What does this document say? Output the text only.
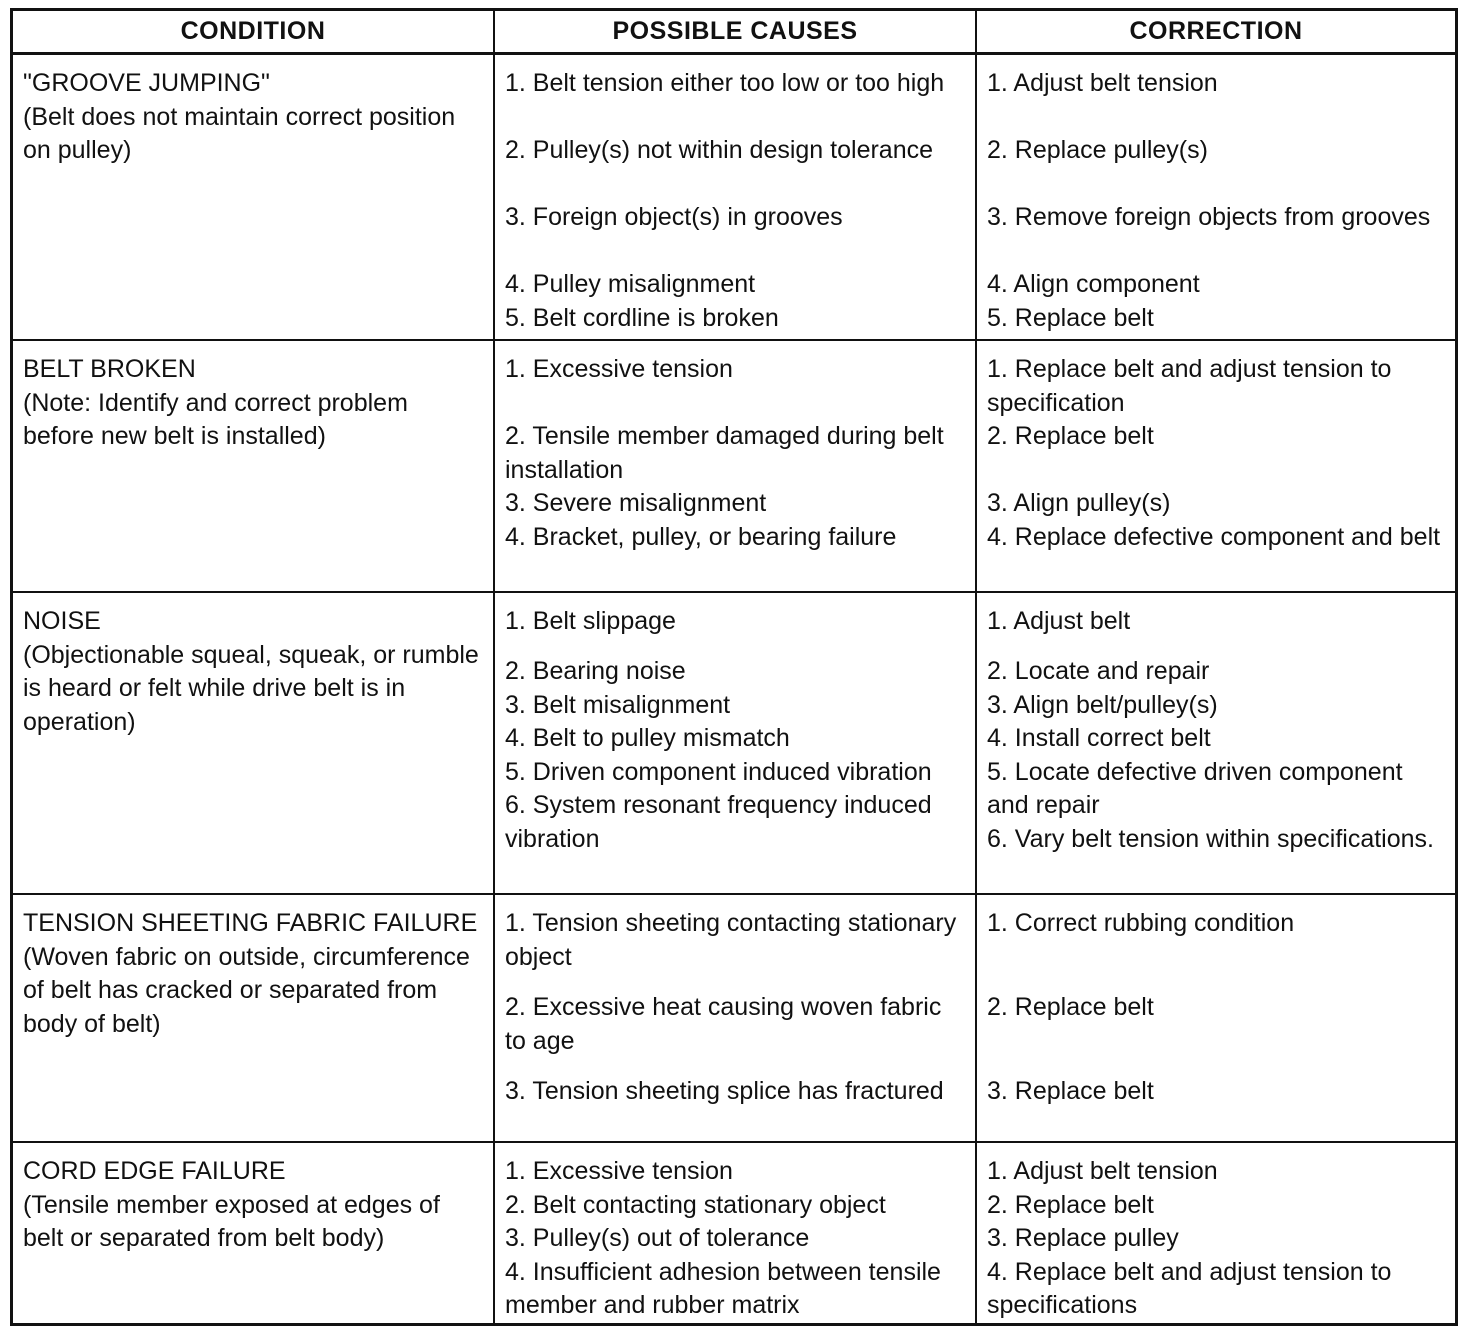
CONDITION	POSSIBLE CAUSES	CORRECTION
"GROOVE JUMPING"
(Belt does not maintain correct position on pulley)
1. Belt tension either too low or too high
2. Pulley(s) not within design tolerance
3. Foreign object(s) in grooves
4. Pulley misalignment
5. Belt cordline is broken
1. Adjust belt tension
2. Replace pulley(s)
3. Remove foreign objects from grooves
4. Align component
5. Replace belt
BELT BROKEN
(Note: Identify and correct problem before new belt is installed)
1. Excessive tension
2. Tensile member damaged during belt installation
3. Severe misalignment
4. Bracket, pulley, or bearing failure
1. Replace belt and adjust tension to specification
2. Replace belt
3. Align pulley(s)
4. Replace defective component and belt
NOISE
(Objectionable squeal, squeak, or rumble is heard or felt while drive belt is in operation)
1. Belt slippage
2. Bearing noise
3. Belt misalignment
4. Belt to pulley mismatch
5. Driven component induced vibration
6. System resonant frequency induced vibration
1. Adjust belt
2. Locate and repair
3. Align belt/pulley(s)
4. Install correct belt
5. Locate defective driven component and repair
6. Vary belt tension within specifications.
TENSION SHEETING FABRIC FAILURE
(Woven fabric on outside, circumference of belt has cracked or separated from body of belt)
1. Tension sheeting contacting stationary object
2. Excessive heat causing woven fabric to age
3. Tension sheeting splice has fractured
1. Correct rubbing condition
2. Replace belt
3. Replace belt
CORD EDGE FAILURE
(Tensile member exposed at edges of belt or separated from belt body)
1. Excessive tension
2. Belt contacting stationary object
3. Pulley(s) out of tolerance
4. Insufficient adhesion between tensile member and rubber matrix
1. Adjust belt tension
2. Replace belt
3. Replace pulley
4. Replace belt and adjust tension to specifications
